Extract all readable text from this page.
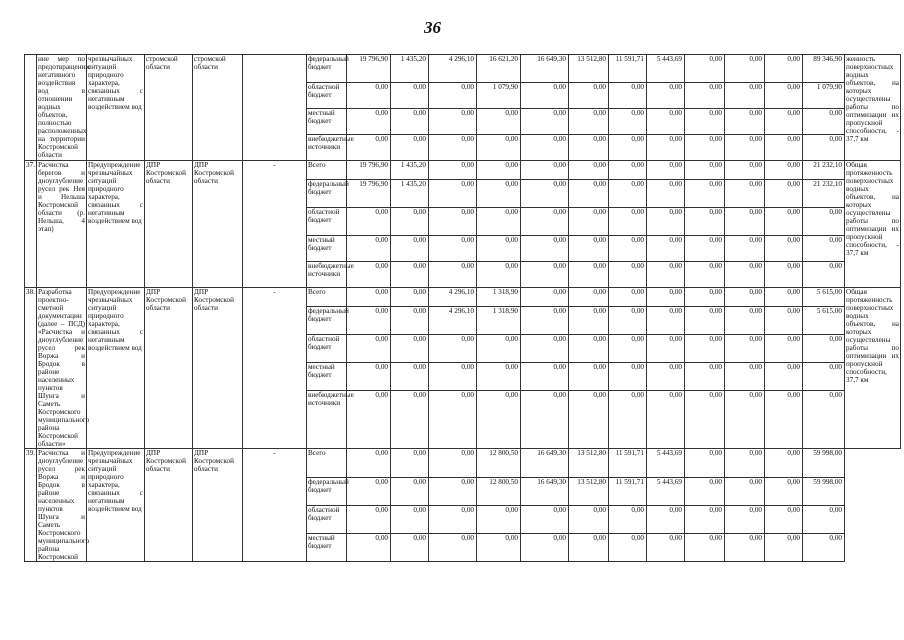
36
	ние мер по предотвращению негативного воздействия вод в отношении водных объектов, полностью расположенных на территории Костромской области	чрезвычайных ситуаций природного характера, связанных с негативным воздействием вод	стромской области	стромской области		федеральный бюджет	19 796,90	1 435,20	4 296,10	16 621,20	16 649,30	13 512,80	11 591,71	5 443,69	0,00	0,00	0,00	89 346,90	женность поверхностных водных объектов, на которых осуществлены работы по оптимизации их пропускной способности, - 37,7 км
						областной бюджет	0,00	0,00	0,00	1 079,90	0,00	0,00	0,00	0,00	0,00	0,00	0,00	1 079,90	
						местный бюджет	0,00	0,00	0,00	0,00	0,00	0,00	0,00	0,00	0,00	0,00	0,00	0,00	
						внебюджетные источники	0,00	0,00	0,00	0,00	0,00	0,00	0,00	0,00	0,00	0,00	0,00	0,00	
37.	Расчистка берегов и дноуглубление русел рек Нея и Нельша Костромской области (р. Нельша, 4 этап)	Предупреждение чрезвычайных ситуаций природного характера, связанных с негативным воздействием вод	ДПР Костромской области	ДПР Костромской области	-	Всего	19 796,90	1 435,20	0,00	0,00	0,00	0,00	0,00	0,00	0,00	0,00	0,00	21 232,10	Общая протяженность поверхностных водных объектов, на которых осуществлены работы по оптимизации их пропускной способности, - 37,7 км
						федеральный бюджет	19 796,90	1 435,20	0,00	0,00	0,00	0,00	0,00	0,00	0,00	0,00	0,00	21 232,10	
						областной бюджет	0,00	0,00	0,00	0,00	0,00	0,00	0,00	0,00	0,00	0,00	0,00	0,00	
						местный бюджет	0,00	0,00	0,00	0,00	0,00	0,00	0,00	0,00	0,00	0,00	0,00	0,00	
						внебюджетные источники	0,00	0,00	0,00	0,00	0,00	0,00	0,00	0,00	0,00	0,00	0,00	0,00	
38.	Разработка проектно-сметной документации (далее – ПСД) «Расчистка и дноуглубление русел рек Воржа и Бродок в районе населенных пунктов Шунга и Саметь Костромского муниципального района Костромской области»	Предупреждение чрезвычайных ситуаций природного характера, связанных с негативным воздействием вод	ДПР Костромской области	ДПР Костромской области	-	Всего	0,00	0,00	4 296,10	1 318,90	0,00	0,00	0,00	0,00	0,00	0,00	0,00	5 615,00	Общая протяженность поверхностных водных объектов, на которых осуществлены работы по оптимизации их пропускной способности, 37,7 км
						федеральный бюджет	0,00	0,00	4 296,10	1 318,90	0,00	0,00	0,00	0,00	0,00	0,00	0,00	5 615,00	
						областной бюджет	0,00	0,00	0,00	0,00	0,00	0,00	0,00	0,00	0,00	0,00	0,00	0,00	
						местный бюджет	0,00	0,00	0,00	0,00	0,00	0,00	0,00	0,00	0,00	0,00	0,00	0,00	
						внебюджетные источники	0,00	0,00	0,00	0,00	0,00	0,00	0,00	0,00	0,00	0,00	0,00	0,00	
39.	Расчистка и дноуглубление русел рек Воржа и Бродок в районе населенных пунктов Шунга и Саметь Костромского муниципального района Костромской	Предупреждение чрезвычайных ситуаций природного характера, связанных с негативным воздействием вод	ДПР Костромской области	ДПР Костромской области	-	Всего	0,00	0,00	0,00	12 800,50	16 649,30	13 512,80	11 591,71	5 443,69	0,00	0,00	0,00	59 998,00	
						федеральный бюджет	0,00	0,00	0,00	12 800,50	16 649,30	13 512,80	11 591,71	5 443,69	0,00	0,00	0,00	59 998,00	
						областной бюджет	0,00	0,00	0,00	0,00	0,00	0,00	0,00	0,00	0,00	0,00	0,00	0,00	
						местный бюджет	0,00	0,00	0,00	0,00	0,00	0,00	0,00	0,00	0,00	0,00	0,00	0,00	
